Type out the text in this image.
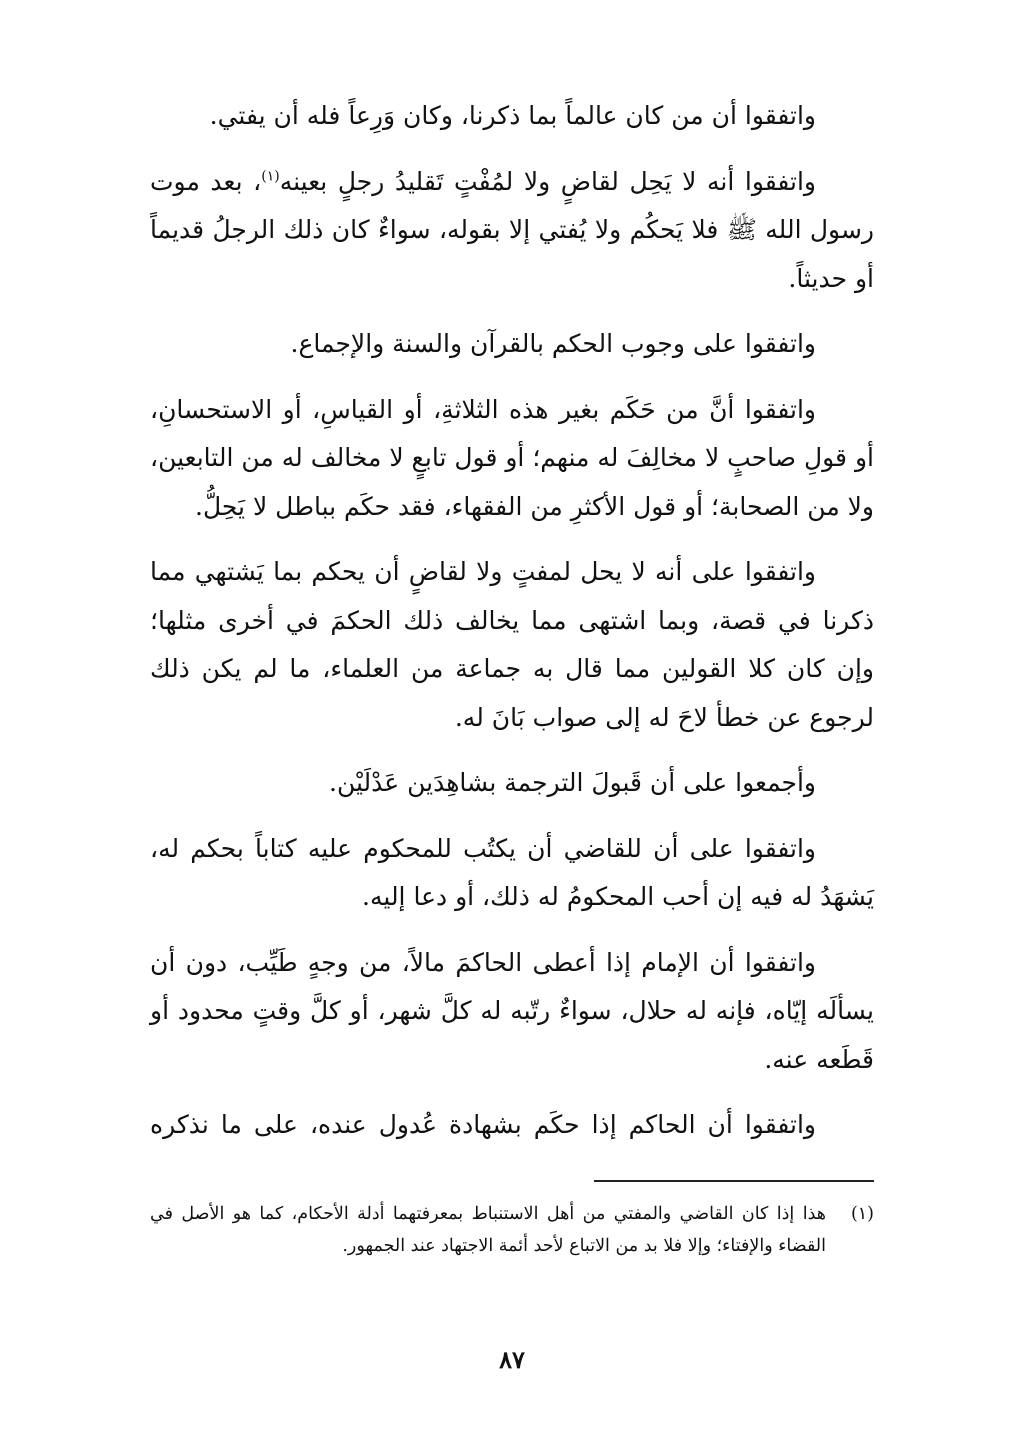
واتفقوا أن من كان عالماً بما ذكرنا، وكان وَرِعاً فله أن يفتي.

واتفقوا أنه لا يَحِل لقاضٍ ولا لمُفْتٍ تَقليدُ رجلٍ بعينه$^{(١)}$، بعد موت رسول الله ﷺ فلا يَحكُم ولا يُفتي إلا بقوله، سواءٌ كان ذلك الرجلُ قديماً أو حديثاً.

واتفقوا على وجوب الحكم بالقرآن والسنة والإجماع.

واتفقوا أنَّ من حَكَم بغير هذه الثلاثةِ، أو القياسِ، أو الاستحسانِ، أو قولِ صاحبٍ لا مخالِفَ له منهم؛ أو قول تابعٍ لا مخالف له من التابعين، ولا من الصحابة؛ أو قول الأكثرِ من الفقهاء، فقد حكَم بباطل لا يَحِلُّ.

واتفقوا على أنه لا يحل لمفتٍ ولا لقاضٍ أن يحكم بما يَشتهي مما ذكرنا في قصة، وبما اشتهى مما يخالف ذلك الحكمَ في أخرى مثلها؛ وإن كان كلا القولين مما قال به جماعة من العلماء، ما لم يكن ذلك لرجوع عن خطأ لاحَ له إلى صواب بَانَ له.

وأجمعوا على أن قَبولَ الترجمة بشاهِدَين عَدْلَيْن.

واتفقوا على أن للقاضي أن يكتُب للمحكوم عليه كتاباً بحكم له، يَشهَدُ له فيه إن أحب المحكومُ له ذلك، أو دعا إليه.

واتفقوا أن الإمام إذا أعطى الحاكمَ مالاً، من وجهٍ طَيِّب، دون أن يسألَه إيّاه، فإنه له حلال، سواءٌ رتّبه له كلَّ شهر، أو كلَّ وقتٍ محدود أو قَطَعه عنه.

واتفقوا أن الحاكم إذا حكَم بشهادة عُدول عنده، على ما نذكره

(١)
هذا إذا كان القاضي والمفتي من أهل الاستنباط بمعرفتهما أدلة الأحكام، كما هو الأصل في القضاء والإفتاء؛ وإلا فلا بد من الاتباع لأحد أئمة الاجتهاد عند الجمهور.

٨٧
